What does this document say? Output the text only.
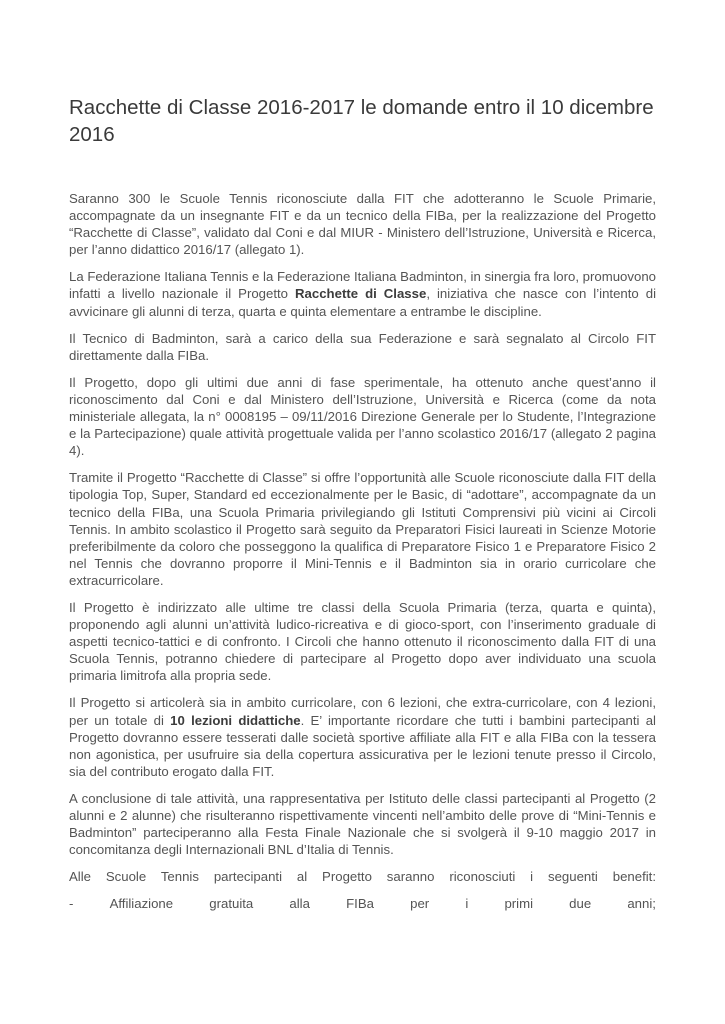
Racchette di Classe 2016-2017 le domande entro il 10 dicembre 2016

Saranno 300 le Scuole Tennis riconosciute dalla FIT che adotteranno le Scuole Primarie, accompagnate da un insegnante FIT e da un tecnico della FIBa, per la realizzazione del Progetto “Racchette di Classe”, validato dal Coni e dal MIUR - Ministero dell’Istruzione, Università e Ricerca, per l’anno didattico 2016/17 (allegato 1).

La Federazione Italiana Tennis e la Federazione Italiana Badminton, in sinergia fra loro, promuovono infatti a livello nazionale il Progetto Racchette di Classe, iniziativa che nasce con l’intento di avvicinare gli alunni di terza, quarta e quinta elementare a entrambe le discipline.

Il Tecnico di Badminton, sarà a carico della sua Federazione e sarà segnalato al Circolo FIT direttamente dalla FIBa.

Il Progetto, dopo gli ultimi due anni di fase sperimentale, ha ottenuto anche quest’anno il riconoscimento dal Coni e dal Ministero dell’Istruzione, Università e Ricerca (come da nota ministeriale allegata, la n° 0008195 – 09/11/2016 Direzione Generale per lo Studente, l’Integrazione e la Partecipazione) quale attività progettuale valida per l’anno scolastico 2016/17 (allegato 2 pagina 4).

Tramite il Progetto “Racchette di Classe” si offre l’opportunità alle Scuole riconosciute dalla FIT della tipologia Top, Super, Standard ed eccezionalmente per le Basic, di “adottare”, accompagnate da un tecnico della FIBa, una Scuola Primaria privilegiando gli Istituti Comprensivi più vicini ai Circoli Tennis. In ambito scolastico il Progetto sarà seguito da Preparatori Fisici laureati in Scienze Motorie preferibilmente da coloro che posseggono la qualifica di Preparatore Fisico 1 e Preparatore Fisico 2 nel Tennis che dovranno proporre il Mini-Tennis e il Badminton sia in orario curricolare che extracurricolare.

Il Progetto è indirizzato alle ultime tre classi della Scuola Primaria (terza, quarta e quinta), proponendo agli alunni un’attività ludico-ricreativa e di gioco-sport, con l’inserimento graduale di aspetti tecnico-tattici e di confronto. I Circoli che hanno ottenuto il riconoscimento dalla FIT di una Scuola Tennis, potranno chiedere di partecipare al Progetto dopo aver individuato una scuola primaria limitrofa alla propria sede.

Il Progetto si articolerà sia in ambito curricolare, con 6 lezioni, che extra-curricolare, con 4 lezioni, per un totale di 10 lezioni didattiche. E’ importante ricordare che tutti i bambini partecipanti al Progetto dovranno essere tesserati dalle società sportive affiliate alla FIT e alla FIBa con la tessera non agonistica, per usufruire sia della copertura assicurativa per le lezioni tenute presso il Circolo, sia del contributo erogato dalla FIT.

A conclusione di tale attività, una rappresentativa per Istituto delle classi partecipanti al Progetto (2 alunni e 2 alunne) che risulteranno rispettivamente vincenti nell’ambito delle prove di “Mini-Tennis e Badminton” parteciperanno alla Festa Finale Nazionale che si svolgerà il 9-10 maggio 2017 in concomitanza degli Internazionali BNL d’Italia di Tennis.

Alle Scuole Tennis partecipanti al Progetto saranno riconosciuti i seguenti benefit:

-	Affiliazione	gratuita	alla	FIBa	per	i	primi	due	anni;
